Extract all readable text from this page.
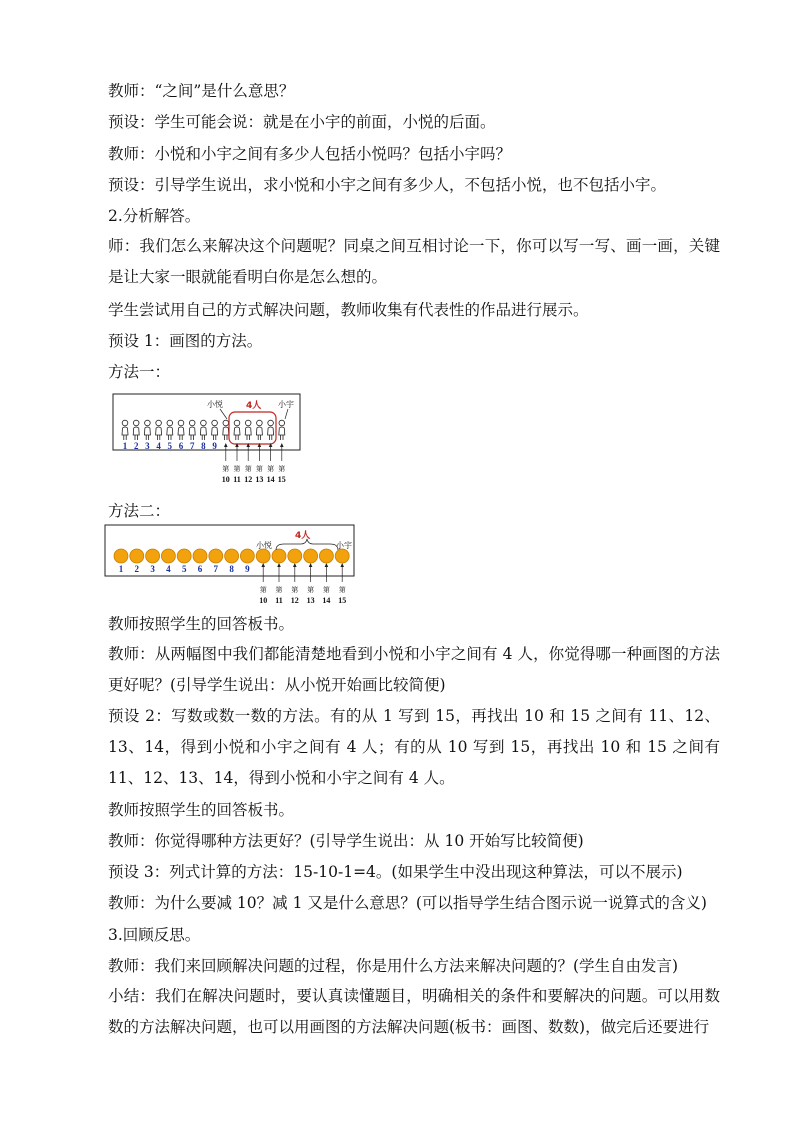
教师：“之间”是什么意思？
预设：学生可能会说：就是在小宇的前面，小悦的后面。
教师：小悦和小宇之间有多少人包括小悦吗？包括小宇吗？
预设：引导学生说出，求小悦和小宇之间有多少人，不包括小悦，也不包括小宇。
2.分析解答。
师：我们怎么来解决这个问题呢？同桌之间互相讨论一下，你可以写一写、画一画，关键是让大家一眼就能看明白你是怎么想的。
学生尝试用自己的方式解决问题，教师收集有代表性的作品进行展示。
预设 1：画图的方法。
方法一：
小悦	4人 小宇
1 2 3 4 5 6 7 8 9
第
10
第
11
第
12
第
13
第
14
第
15
方法二：
小悦
4人
小宇
1 2 3 4 5 6 7 8 9
第
10
第
11
第
12
第
13
第
14
第
15
教师按照学生的回答板书。
教师：从两幅图中我们都能清楚地看到小悦和小宇之间有 4 人，你觉得哪一种画图的方法更好呢？(引导学生说出：从小悦开始画比较简便)
预设 2：写数或数一数的方法。有的从 1 写到 15，再找出 10 和 15 之间有 11、12、13、14，得到小悦和小宇之间有 4 人；有的从 10 写到 15，再找出 10 和 15 之间有 11、12、13、14，得到小悦和小宇之间有 4 人。
教师按照学生的回答板书。
教师：你觉得哪种方法更好？(引导学生说出：从 10 开始写比较简便)
预设 3：列式计算的方法：15-10-1=4。(如果学生中没出现这种算法，可以不展示)
教师：为什么要减 10？减 1 又是什么意思？(可以指导学生结合图示说一说算式的含义)
3.回顾反思。
教师：我们来回顾解决问题的过程，你是用什么方法来解决问题的？(学生自由发言)
小结：我们在解决问题时，要认真读懂题目，明确相关的条件和要解决的问题。可以用数数的方法解决问题，也可以用画图的方法解决问题(板书：画图、数数)，做完后还要进行
